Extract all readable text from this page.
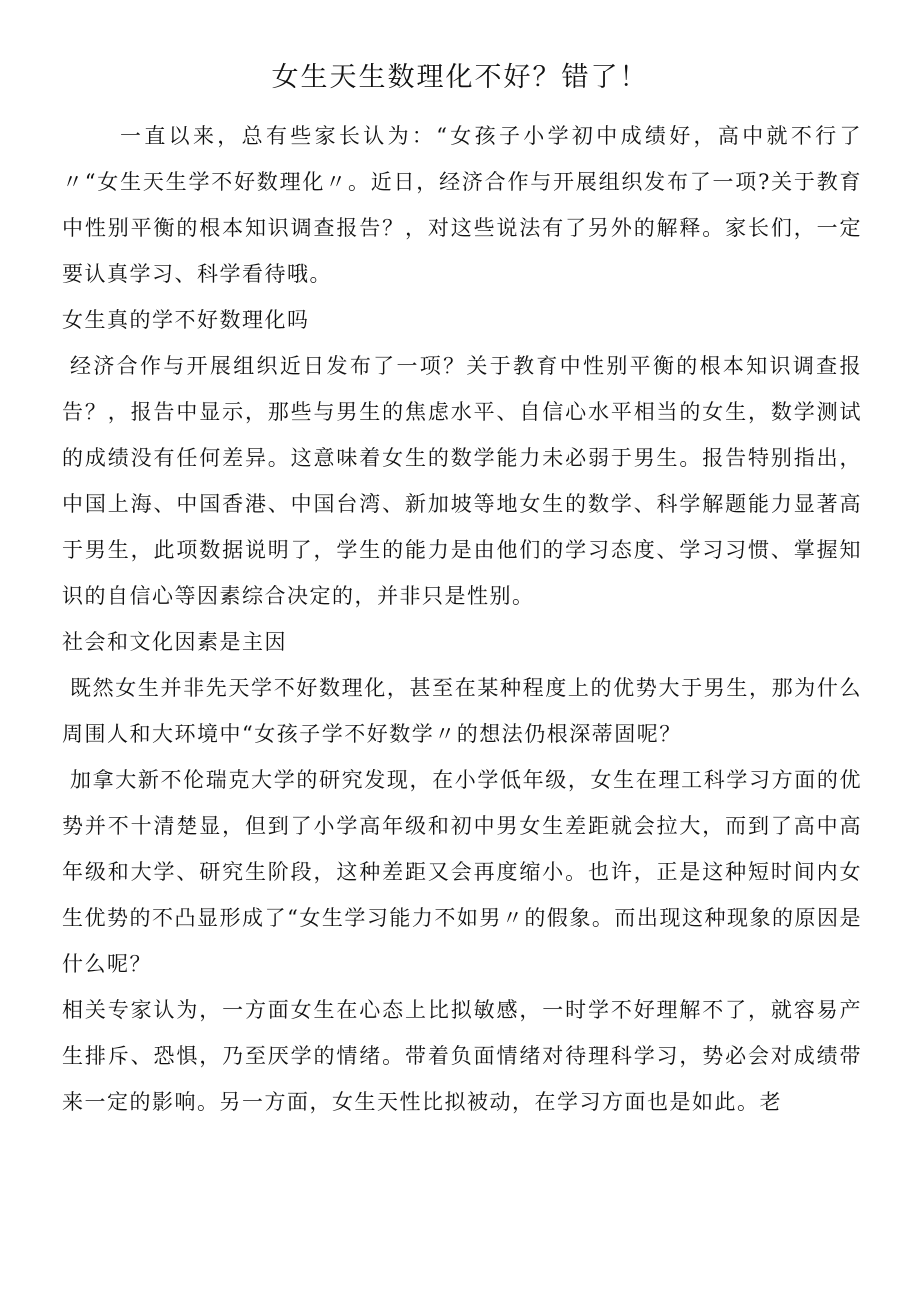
女生天生数理化不好？错了！

一直以来，总有些家长认为：“女孩子小学初中成绩好，高中就不行了〃“女生天生学不好数理化〃。近日，经济合作与开展组织发布了一项?关于教育中性别平衡的根本知识调查报告？，对这些说法有了另外的解释。家长们，一定要认真学习、科学看待哦。

女生真的学不好数理化吗

经济合作与开展组织近日发布了一项？关于教育中性别平衡的根本知识调查报告？，报告中显示，那些与男生的焦虑水平、自信心水平相当的女生，数学测试的成绩没有任何差异。这意味着女生的数学能力未必弱于男生。报告特别指出，中国上海、中国香港、中国台湾、新加坡等地女生的数学、科学解题能力显著高于男生，此项数据说明了，学生的能力是由他们的学习态度、学习习惯、掌握知识的自信心等因素综合决定的，并非只是性别。

社会和文化因素是主因

既然女生并非先天学不好数理化，甚至在某种程度上的优势大于男生，那为什么周围人和大环境中“女孩子学不好数学〃的想法仍根深蒂固呢？

加拿大新不伦瑞克大学的研究发现，在小学低年级，女生在理工科学习方面的优势并不十清楚显，但到了小学高年级和初中男女生差距就会拉大，而到了高中高年级和大学、研究生阶段，这种差距又会再度缩小。也许，正是这种短时间内女生优势的不凸显形成了“女生学习能力不如男〃的假象。而出现这种现象的原因是什么呢？

相关专家认为，一方面女生在心态上比拟敏感，一时学不好理解不了，就容易产生排斥、恐惧，乃至厌学的情绪。带着负面情绪对待理科学习，势必会对成绩带来一定的影响。另一方面，女生天性比拟被动，在学习方面也是如此。老
